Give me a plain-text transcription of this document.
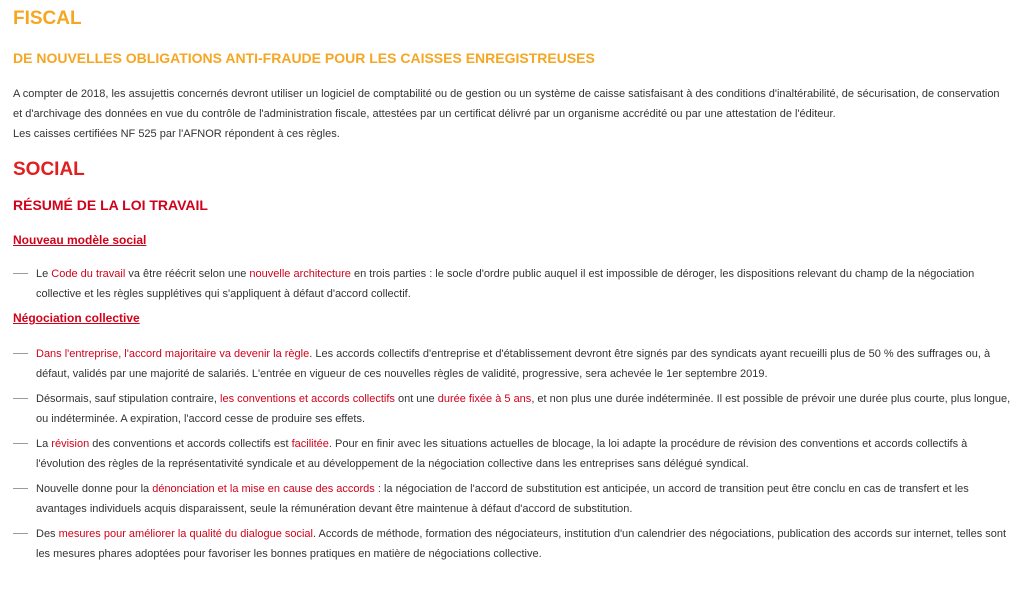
FISCAL
DE NOUVELLES OBLIGATIONS ANTI-FRAUDE POUR LES CAISSES ENREGISTREUSES

A compter de 2018, les assujettis concernés devront utiliser un logiciel de comptabilité ou de gestion ou un système de caisse satisfaisant à des conditions d'inaltérabilité, de sécurisation, de conservation et d'archivage des données en vue du contrôle de l'administration fiscale, attestées par un certificat délivré par un organisme accrédité ou par une attestation de l'éditeur.

Les caisses certifiées NF 525 par l'AFNOR répondent à ces règles.

SOCIAL
RÉSUMÉ DE LA LOI TRAVAIL
Nouveau modèle social
Le Code du travail va être réécrit selon une nouvelle architecture en trois parties : le socle d'ordre public auquel il est impossible de déroger, les dispositions relevant du champ de la négociation collective et les règles supplétives qui s'appliquent à défaut d'accord collectif.
Négociation collective
Dans l'entreprise, l'accord majoritaire va devenir la règle. Les accords collectifs d'entreprise et d'établissement devront être signés par des syndicats ayant recueilli plus de 50 % des suffrages ou, à défaut, validés par une majorité de salariés. L'entrée en vigueur de ces nouvelles règles de validité, progressive, sera achevée le 1er septembre 2019.
Désormais, sauf stipulation contraire, les conventions et accords collectifs ont une durée fixée à 5 ans, et non plus une durée indéterminée. Il est possible de prévoir une durée plus courte, plus longue, ou indéterminée. A expiration, l'accord cesse de produire ses effets.
La révision des conventions et accords collectifs est facilitée. Pour en finir avec les situations actuelles de blocage, la loi adapte la procédure de révision des conventions et accords collectifs à l'évolution des règles de la représentativité syndicale et au développement de la négociation collective dans les entreprises sans délégué syndical.
Nouvelle donne pour la dénonciation et la mise en cause des accords : la négociation de l'accord de substitution est anticipée, un accord de transition peut être conclu en cas de transfert et les avantages individuels acquis disparaissent, seule la rémunération devant être maintenue à défaut d'accord de substitution.
Des mesures pour améliorer la qualité du dialogue social. Accords de méthode, formation des négociateurs, institution d'un calendrier des négociations, publication des accords sur internet, telles sont les mesures phares adoptées pour favoriser les bonnes pratiques en matière de négociations collective.
